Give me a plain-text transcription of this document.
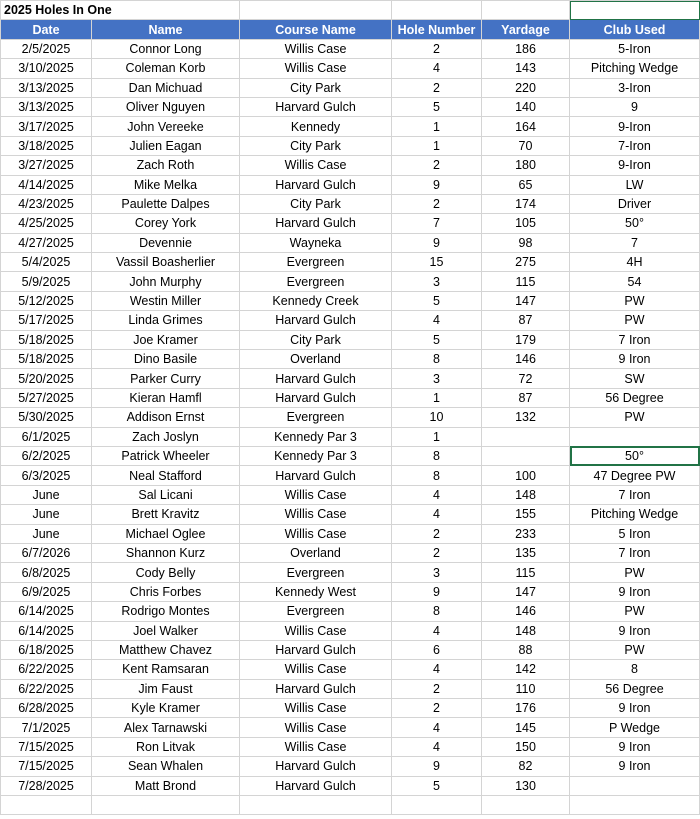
2025 Holes In One					
Date	Name	Course Name	Hole Number	Yardage	Club Used
2/5/2025	Connor Long	Willis Case	2	186	5-Iron
3/10/2025	Coleman Korb	Willis Case	4	143	Pitching Wedge
3/13/2025	Dan Michuad	City Park	2	220	3-Iron
3/13/2025	Oliver Nguyen	Harvard Gulch	5	140	9
3/17/2025	John Vereeke	Kennedy	1	164	9-Iron
3/18/2025	Julien Eagan	City Park	1	70	7-Iron
3/27/2025	Zach Roth	Willis Case	2	180	9-Iron
4/14/2025	Mike Melka	Harvard Gulch	9	65	LW
4/23/2025	Paulette Dalpes	City Park	2	174	Driver
4/25/2025	Corey York	Harvard Gulch	7	105	50°
4/27/2025	Devennie	Wayneka	9	98	7
5/4/2025	Vassil Boasherlier	Evergreen	15	275	4H
5/9/2025	John Murphy	Evergreen	3	115	54
5/12/2025	Westin Miller	Kennedy Creek	5	147	PW
5/17/2025	Linda Grimes	Harvard Gulch	4	87	PW
5/18/2025	Joe Kramer	City Park	5	179	7 Iron
5/18/2025	Dino Basile	Overland	8	146	9 Iron
5/20/2025	Parker Curry	Harvard Gulch	3	72	SW
5/27/2025	Kieran Hamfl	Harvard Gulch	1	87	56 Degree
5/30/2025	Addison Ernst	Evergreen	10	132	PW
6/1/2025	Zach Joslyn	Kennedy Par 3	1		
6/2/2025	Patrick Wheeler	Kennedy Par 3	8		50°
6/3/2025	Neal Stafford	Harvard Gulch	8	100	47 Degree PW
June	Sal Licani	Willis Case	4	148	7 Iron
June	Brett Kravitz	Willis Case	4	155	Pitching Wedge
June	Michael Oglee	Willis Case	2	233	5 Iron
6/7/2026	Shannon Kurz	Overland	2	135	7 Iron
6/8/2025	Cody Belly	Evergreen	3	115	PW
6/9/2025	Chris Forbes	Kennedy West	9	147	9 Iron
6/14/2025	Rodrigo Montes	Evergreen	8	146	PW
6/14/2025	Joel Walker	Willis Case	4	148	9 Iron
6/18/2025	Matthew Chavez	Harvard Gulch	6	88	PW
6/22/2025	Kent Ramsaran	Willis Case	4	142	8
6/22/2025	Jim Faust	Harvard Gulch	2	110	56 Degree
6/28/2025	Kyle Kramer	Willis Case	2	176	9 Iron
7/1/2025	Alex Tarnawski	Willis Case	4	145	P Wedge
7/15/2025	Ron Litvak	Willis Case	4	150	9 Iron
7/15/2025	Sean Whalen	Harvard Gulch	9	82	9 Iron
7/28/2025	Matt Brond	Harvard Gulch	5	130	
